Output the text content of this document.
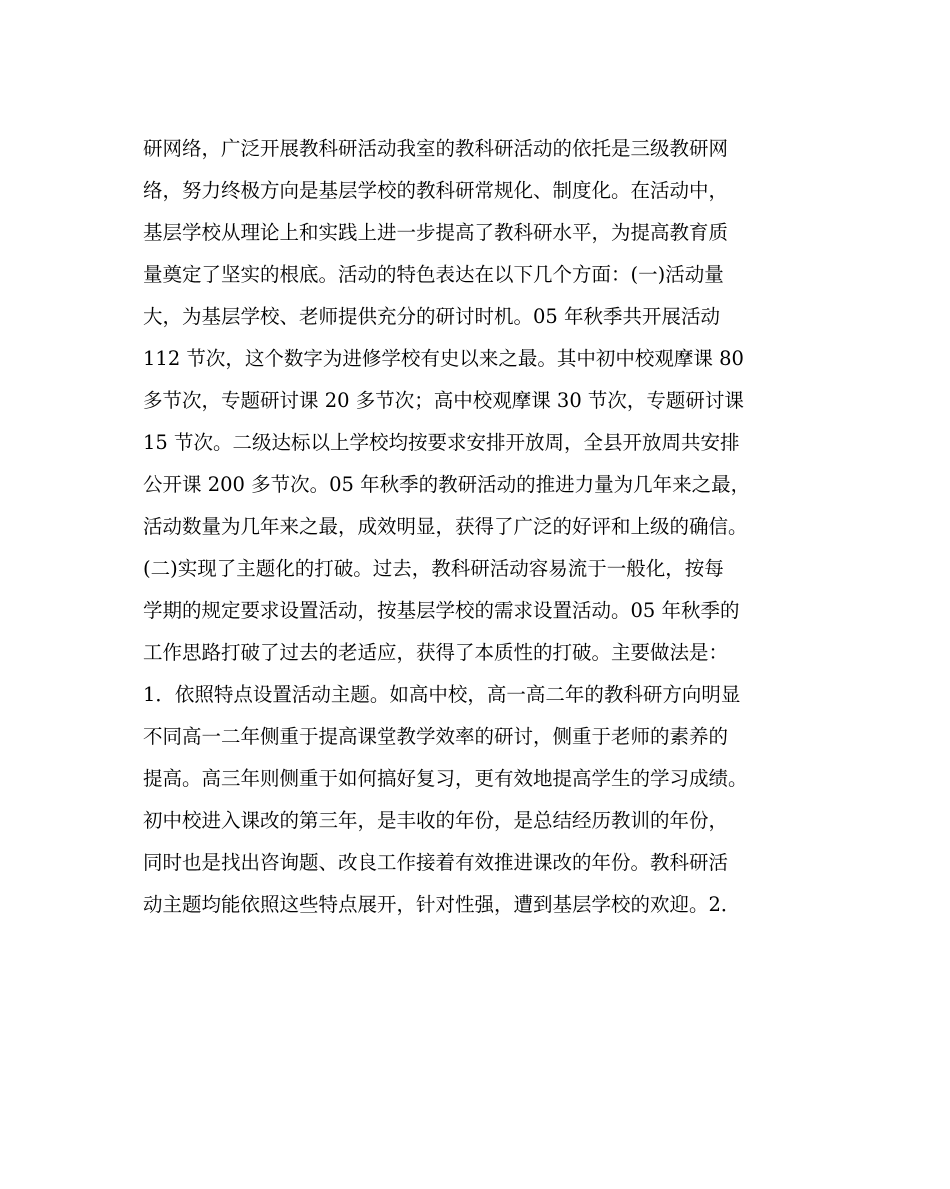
研网络，广泛开展教科研活动我室的教科研活动的依托是三级教研网
络，努力终极方向是基层学校的教科研常规化、制度化。在活动中，
基层学校从理论上和实践上进一步提高了教科研水平，为提高教育质
量奠定了坚实的根底。活动的特色表达在以下几个方面：(一)活动量
大，为基层学校、老师提供充分的研讨时机。05 年秋季共开展活动
112 节次，这个数字为进修学校有史以来之最。其中初中校观摩课 80
多节次，专题研讨课 20 多节次；高中校观摩课 30 节次，专题研讨课
15 节次。二级达标以上学校均按要求安排开放周，全县开放周共安排
公开课 200 多节次。05 年秋季的教研活动的推进力量为几年来之最，
活动数量为几年来之最，成效明显，获得了广泛的好评和上级的确信。
(二)实现了主题化的打破。过去，教科研活动容易流于一般化，按每
学期的规定要求设置活动，按基层学校的需求设置活动。05 年秋季的
工作思路打破了过去的老适应，获得了本质性的打破。主要做法是：
1．依照特点设置活动主题。如高中校，高一高二年的教科研方向明显
不同高一二年侧重于提高课堂教学效率的研讨，侧重于老师的素养的
提高。高三年则侧重于如何搞好复习，更有效地提高学生的学习成绩。
初中校进入课改的第三年，是丰收的年份，是总结经历教训的年份，
同时也是找出咨询题、改良工作接着有效推进课改的年份。教科研活
动主题均能依照这些特点展开，针对性强，遭到基层学校的欢迎。2．
